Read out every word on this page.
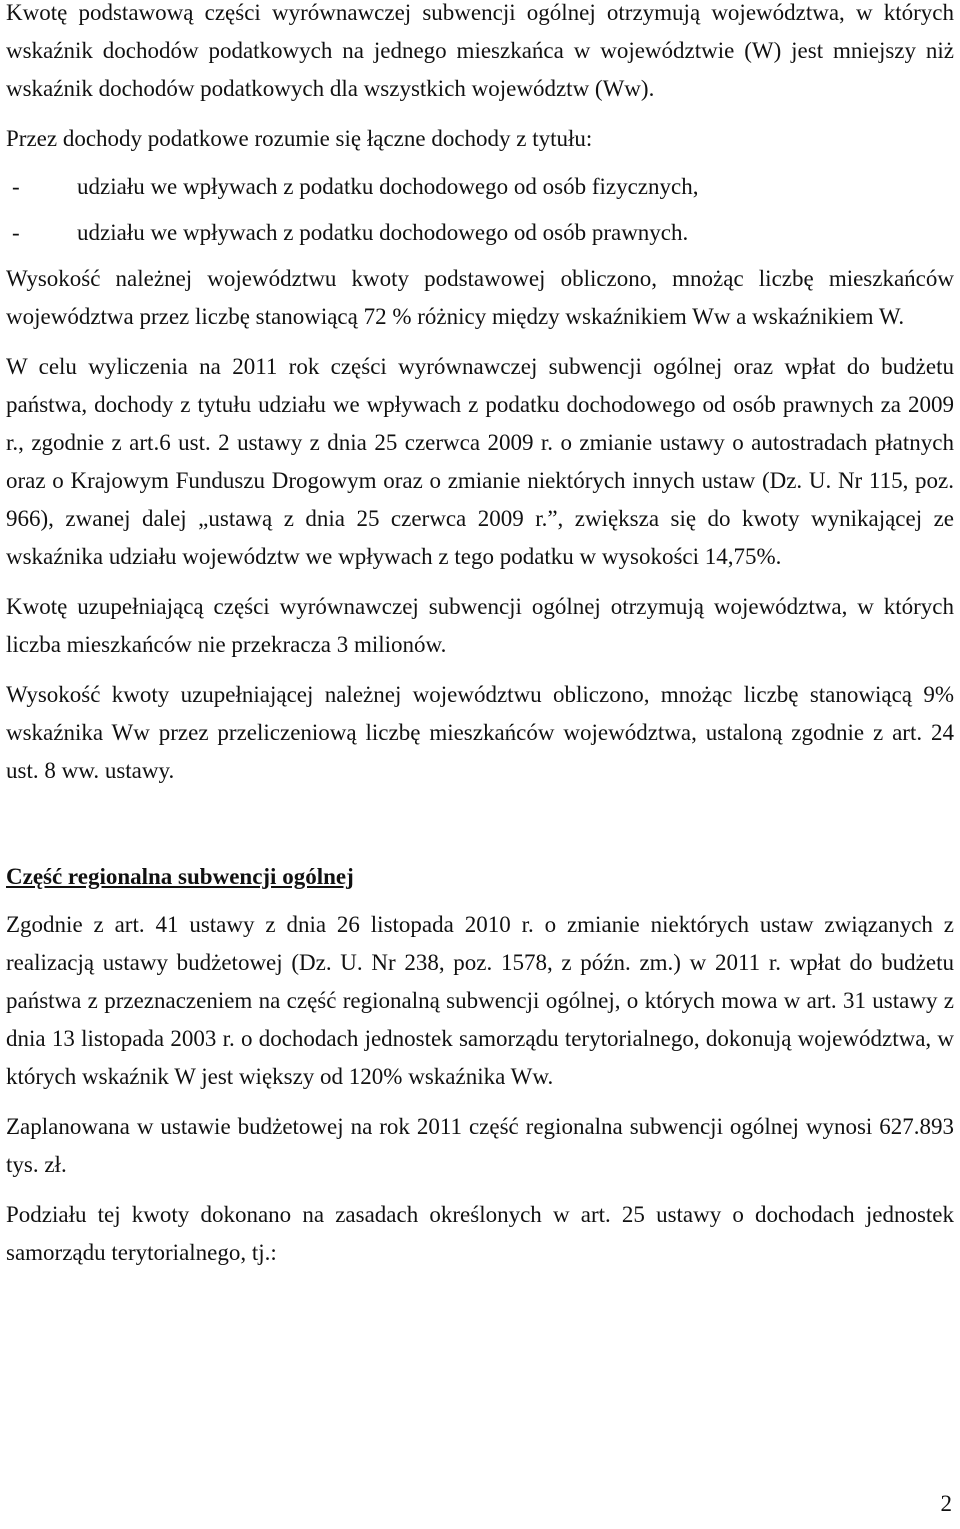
Kwotę podstawową części wyrównawczej subwencji ogólnej otrzymują województwa, w których wskaźnik dochodów podatkowych na jednego mieszkańca w województwie (W) jest mniejszy niż wskaźnik dochodów podatkowych dla wszystkich województw (Ww).

Przez dochody podatkowe rozumie się łączne dochody z tytułu:

- udziału we wpływach z podatku dochodowego od osób fizycznych,
- udziału we wpływach z podatku dochodowego od osób prawnych.

Wysokość należnej województwu kwoty podstawowej obliczono, mnożąc liczbę mieszkańców województwa przez liczbę stanowiącą 72 % różnicy między wskaźnikiem Ww a wskaźnikiem W.

W celu wyliczenia na 2011 rok części wyrównawczej subwencji ogólnej oraz wpłat do budżetu państwa, dochody z tytułu udziału we wpływach z podatku dochodowego od osób prawnych za 2009 r., zgodnie z art.6 ust. 2 ustawy z dnia 25 czerwca 2009 r. o zmianie ustawy o autostradach płatnych oraz o Krajowym Funduszu Drogowym oraz o zmianie niektórych innych ustaw (Dz. U. Nr 115, poz. 966), zwanej dalej „ustawą z dnia 25 czerwca 2009 r.”, zwiększa się do kwoty wynikającej ze wskaźnika udziału województw we wpływach z tego podatku w wysokości 14,75%.

Kwotę uzupełniającą części wyrównawczej subwencji ogólnej otrzymują województwa, w których liczba mieszkańców nie przekracza 3 milionów.

Wysokość kwoty uzupełniającej należnej województwu obliczono, mnożąc liczbę stanowiącą 9% wskaźnika Ww przez przeliczeniową liczbę mieszkańców województwa, ustaloną zgodnie z art. 24 ust. 8 ww. ustawy.

Część regionalna subwencji ogólnej

Zgodnie z art. 41 ustawy z dnia 26 listopada 2010 r. o zmianie niektórych ustaw związanych z realizacją ustawy budżetowej (Dz. U. Nr 238, poz. 1578, z późn. zm.) w 2011 r. wpłat do budżetu państwa z przeznaczeniem na część regionalną subwencji ogólnej, o których mowa w art. 31 ustawy z dnia 13 listopada 2003 r. o dochodach jednostek samorządu terytorialnego, dokonują województwa, w których wskaźnik W jest większy od 120% wskaźnika Ww.

Zaplanowana w ustawie budżetowej na rok 2011 część regionalna subwencji ogólnej wynosi 627.893 tys. zł.

Podziału tej kwoty dokonano na zasadach określonych w art. 25 ustawy o dochodach jednostek samorządu terytorialnego, tj.:

2
